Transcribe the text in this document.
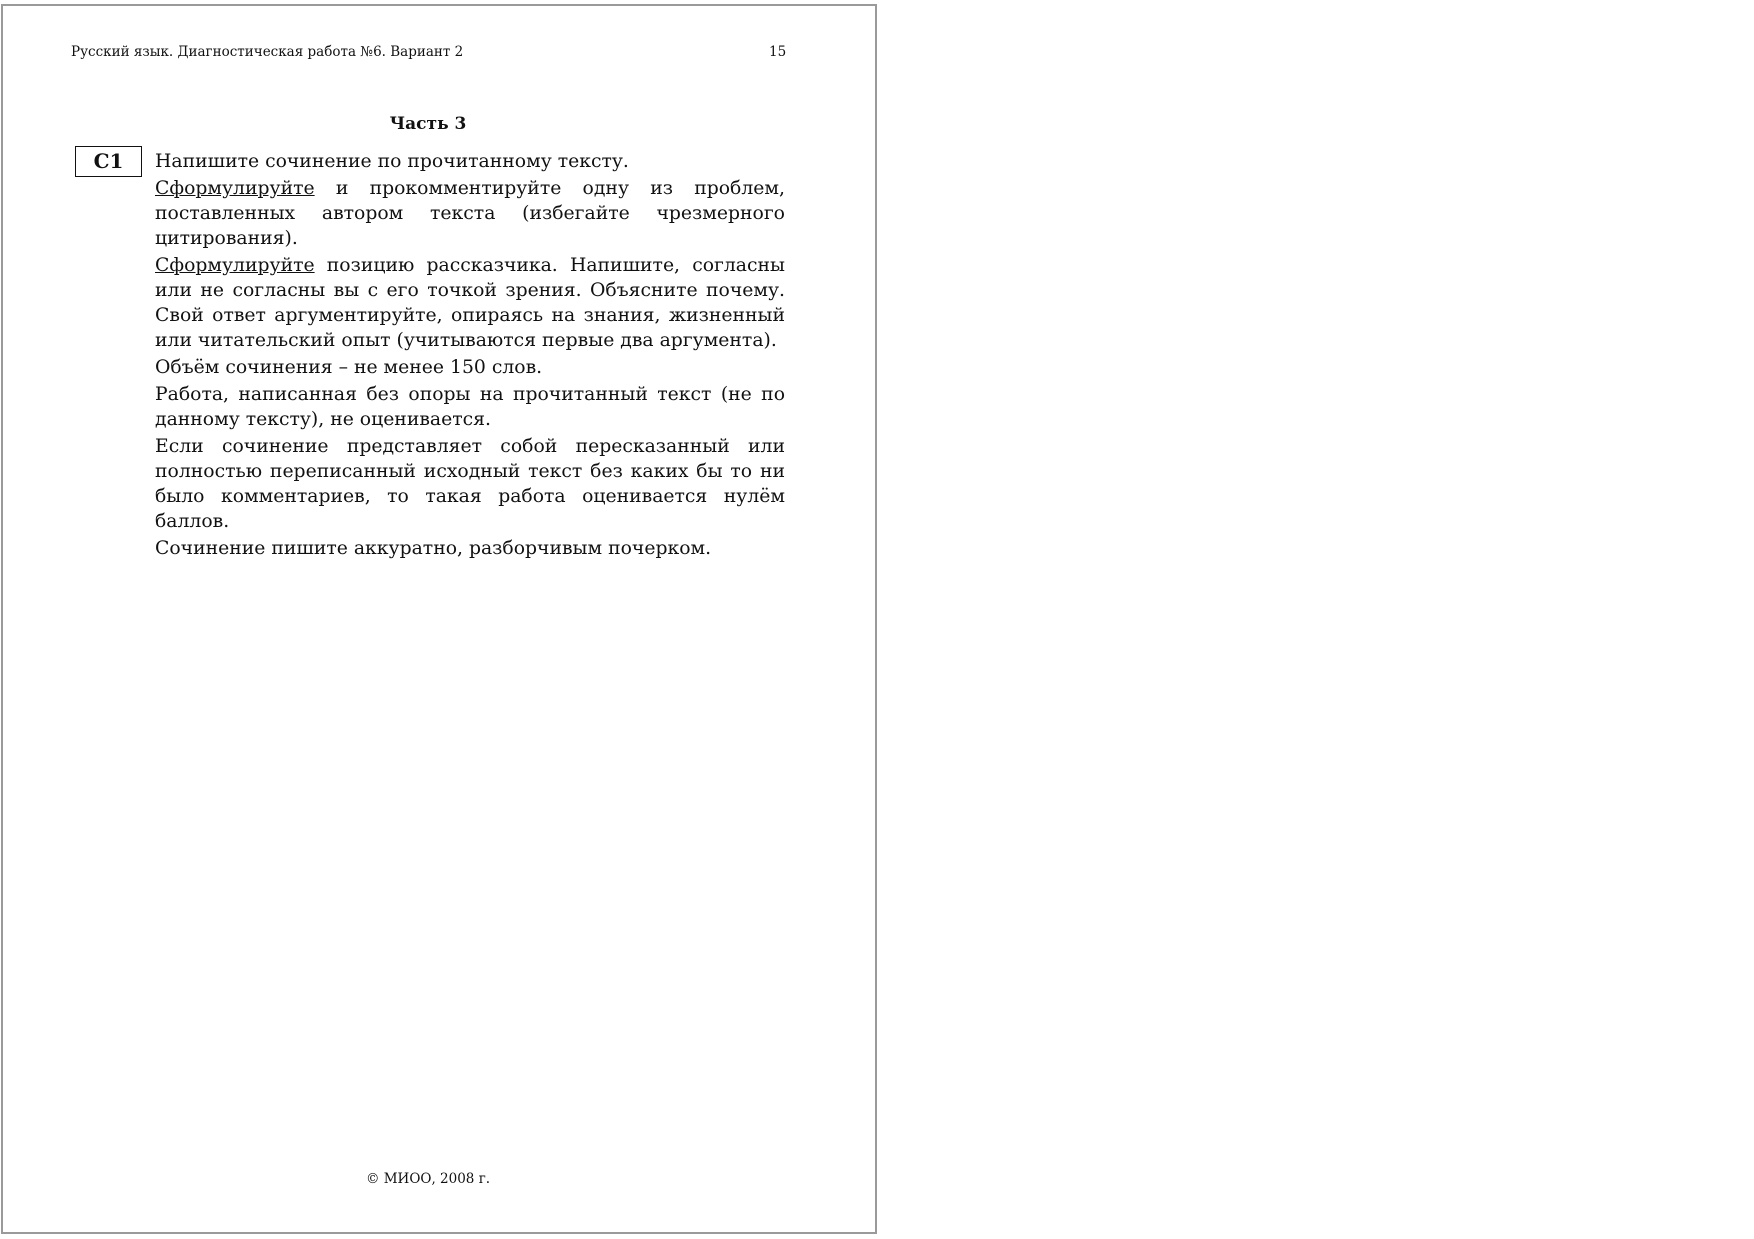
Русский язык. Диагностическая работа №6. Вариант 2	15
Часть 3
С1	Напишите сочинение по прочитанному тексту.

Сформулируйте и прокомментируйте одну из проблем, поставленных автором текста (избегайте чрезмерного цитирования).

Сформулируйте позицию рассказчика. Напишите, согласны или не согласны вы с его точкой зрения. Объясните почему. Свой ответ аргументируйте, опираясь на знания, жизненный или читательский опыт (учитываются первые два аргумента).

Объём сочинения – не менее 150 слов.

Работа, написанная без опоры на прочитанный текст (не по данному тексту), не оценивается.

Если сочинение представляет собой пересказанный или полностью переписанный исходный текст без каких бы то ни было комментариев, то такая работа оценивается нулём баллов.

Сочинение пишите аккуратно, разборчивым почерком.

© МИОО, 2008 г.
